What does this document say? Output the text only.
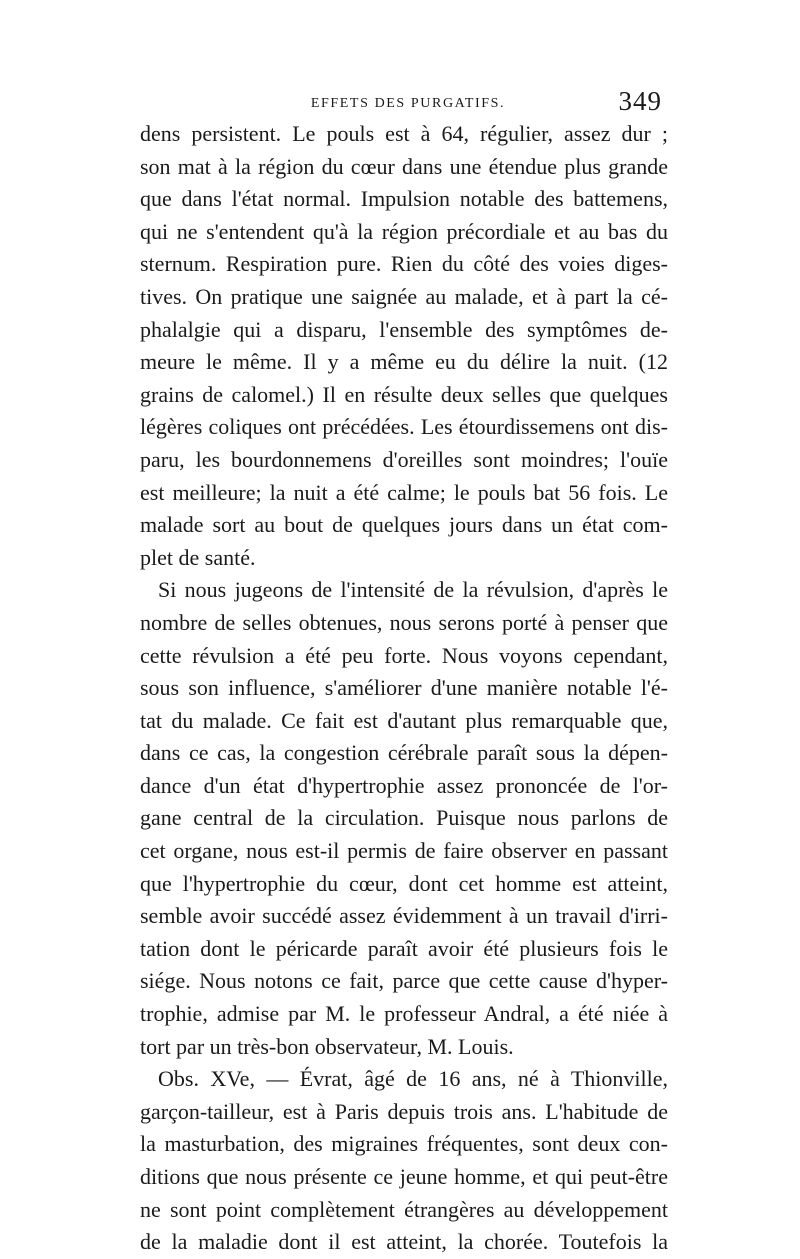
EFFETS DES PURGATIFS.	349
dens persistent. Le pouls est à 64, régulier, assez dur ;
son mat à la région du cœur dans une étendue plus grande
que dans l'état normal. Impulsion notable des battemens,
qui ne s'entendent qu'à la région précordiale et au bas du
sternum. Respiration pure. Rien du côté des voies diges-
tives. On pratique une saignée au malade, et à part la cé-
phalalgie qui a disparu, l'ensemble des symptômes de-
meure le même. Il y a même eu du délire la nuit. (12
grains de calomel.) Il en résulte deux selles que quelques
légères coliques ont précédées. Les étourdissemens ont dis-
paru, les bourdonnemens d'oreilles sont moindres; l'ouïe
est meilleure; la nuit a été calme; le pouls bat 56 fois. Le
malade sort au bout de quelques jours dans un état com-
plet de santé.
Si nous jugeons de l'intensité de la révulsion, d'après le
nombre de selles obtenues, nous serons porté à penser que
cette révulsion a été peu forte. Nous voyons cependant,
sous son influence, s'améliorer d'une manière notable l'é-
tat du malade. Ce fait est d'autant plus remarquable que,
dans ce cas, la congestion cérébrale paraît sous la dépen-
dance d'un état d'hypertrophie assez prononcée de l'or-
gane central de la circulation. Puisque nous parlons de
cet organe, nous est-il permis de faire observer en passant
que l'hypertrophie du cœur, dont cet homme est atteint,
semble avoir succédé assez évidemment à un travail d'irri-
tation dont le péricarde paraît avoir été plusieurs fois le
siége. Nous notons ce fait, parce que cette cause d'hyper-
trophie, admise par M. le professeur Andral, a été niée à
tort par un très-bon observateur, M. Louis.
Obs. XVe, — Évrat, âgé de 16 ans, né à Thionville,
garçon-tailleur, est à Paris depuis trois ans. L'habitude de
la masturbation, des migraines fréquentes, sont deux con-
ditions que nous présente ce jeune homme, et qui peut-être
ne sont point complètement étrangères au développement
de la maladie dont il est atteint, la chorée. Toutefois la
